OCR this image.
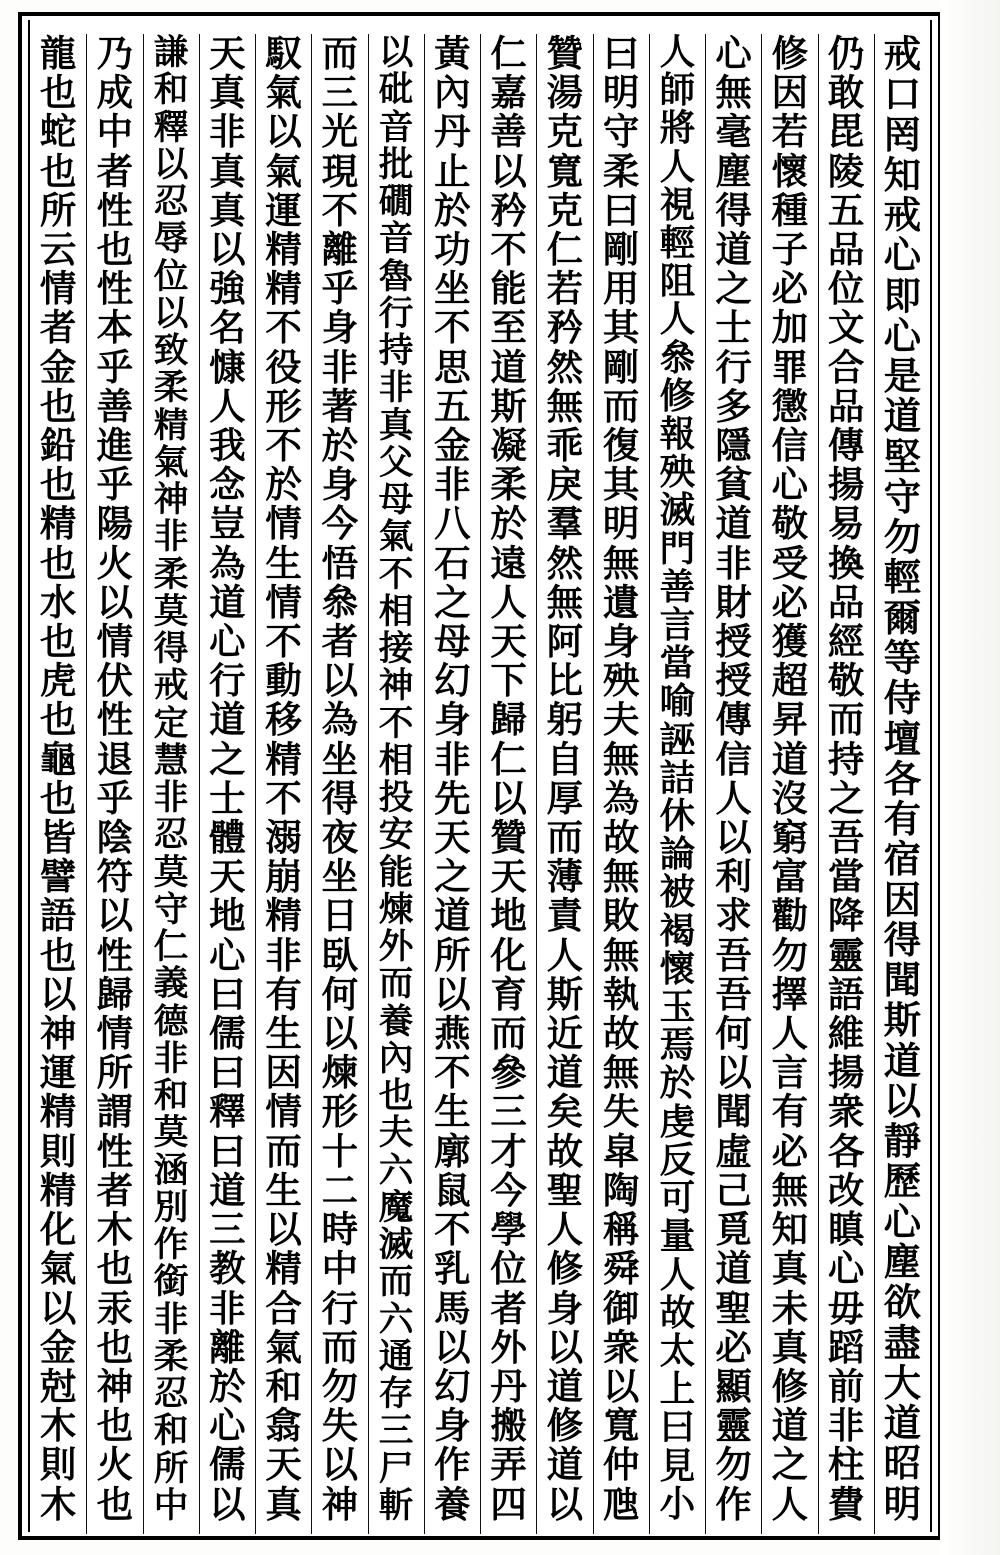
戒
口
罔
知
戒
心
即
心
是
道
堅
守
勿
輕
爾
等
侍
壇
各
有
宿
因
得
聞
斯
道
以
靜
歷
心
塵
欲
盡
大
道
昭
明
仍
敢
毘
陵
五
品
位
文
合
品
傳
揚
易
換
品
經
敬
而
持
之
吾
當
降
靈
語
維
揚
衆
各
改
瞋
心
毋
蹈
前
非
柱
費
修
因
若
懷
種
子
必
加
罪
懲
信
心
敬
受
必
獲
超
昇
道
沒
窮
富
勸
勿
擇
人
言
有
必
無
知
真
未
真
修
道
之
人
心
無
毫
塵
得
道
之
士
行
多
隱
貧
道
非
財
授
授
傳
信
人
以
利
求
吾
吾
何
以
聞
虛
己
覓
道
聖
必
顯
靈
勿
作
人
師
將
人
視
輕
阻
人
叅
修
報
殃
滅
門
善
言
當
喻
誣
詰
休
論
被
褐
懷
玉
焉
於
虔
反
可
量
人
故
太
上
曰
見
小
曰
明
守
柔
曰
剛
用
其
剛
而
復
其
明
無
遺
身
殃
夫
無
為
故
無
敗
無
執
故
無
失
皐
陶
稱
舜
御
衆
以
寬
仲
虺
贊
湯
克
寬
克
仁
若
矜
然
無
乖
戾
羣
然
無
阿
比
躬
自
厚
而
薄
責
人
斯
近
道
矣
故
聖
人
修
身
以
道
修
道
以
仁
嘉
善
以
矜
不
能
至
道
斯
凝
柔
於
遠
人
天
下
歸
仁
以
贊
天
地
化
育
而
參
三
才
今
學
位
者
外
丹
搬
弄
四
黃
內
丹
止
於
功
坐
不
思
五
金
非
八
石
之
母
幻
身
非
先
天
之
道
所
以
燕
不
生
廓
鼠
不
乳
馬
以
幻
身
作
養
以
砒
音
批
礀
音
魯
行
持
非
真
父
母
氣
不
相
接
神
不
相
投
安
能
煉
外
而
養
內
也
夫
六
魔
滅
而
六
通
存
三
尸
斬
而
三
光
現
不
離
乎
身
非
著
於
身
今
悟
叅
者
以
為
坐
得
夜
坐
日
臥
何
以
煉
形
十
二
時
中
行
而
勿
失
以
神
馭
氣
以
氣
運
精
精
不
役
形
不
於
情
生
情
不
動
移
精
不
溺
崩
精
非
有
生
因
情
而
生
以
精
合
氣
和
翕
天
真
天
真
非
真
真
以
強
名
慷
人
我
念
豈
為
道
心
行
道
之
士
體
天
地
心
曰
儒
曰
釋
曰
道
三
教
非
離
於
心
儒
以
謙
和
釋
以
忍
辱
位
以
致
柔
精
氣
神
非
柔
莫
得
戒
定
慧
非
忍
莫
守
仁
義
德
非
和
莫
涵
別
作
銜
非
柔
忍
和
所
中
乃
成
中
者
性
也
性
本
乎
善
進
乎
陽
火
以
情
伏
性
退
乎
陰
符
以
性
歸
情
所
謂
性
者
木
也
汞
也
神
也
火
也
龍
也
蛇
也
所
云
情
者
金
也
鉛
也
精
也
水
也
虎
也
龜
也
皆
譬
語
也
以
神
運
精
則
精
化
氣
以
金
尅
木
則
木
